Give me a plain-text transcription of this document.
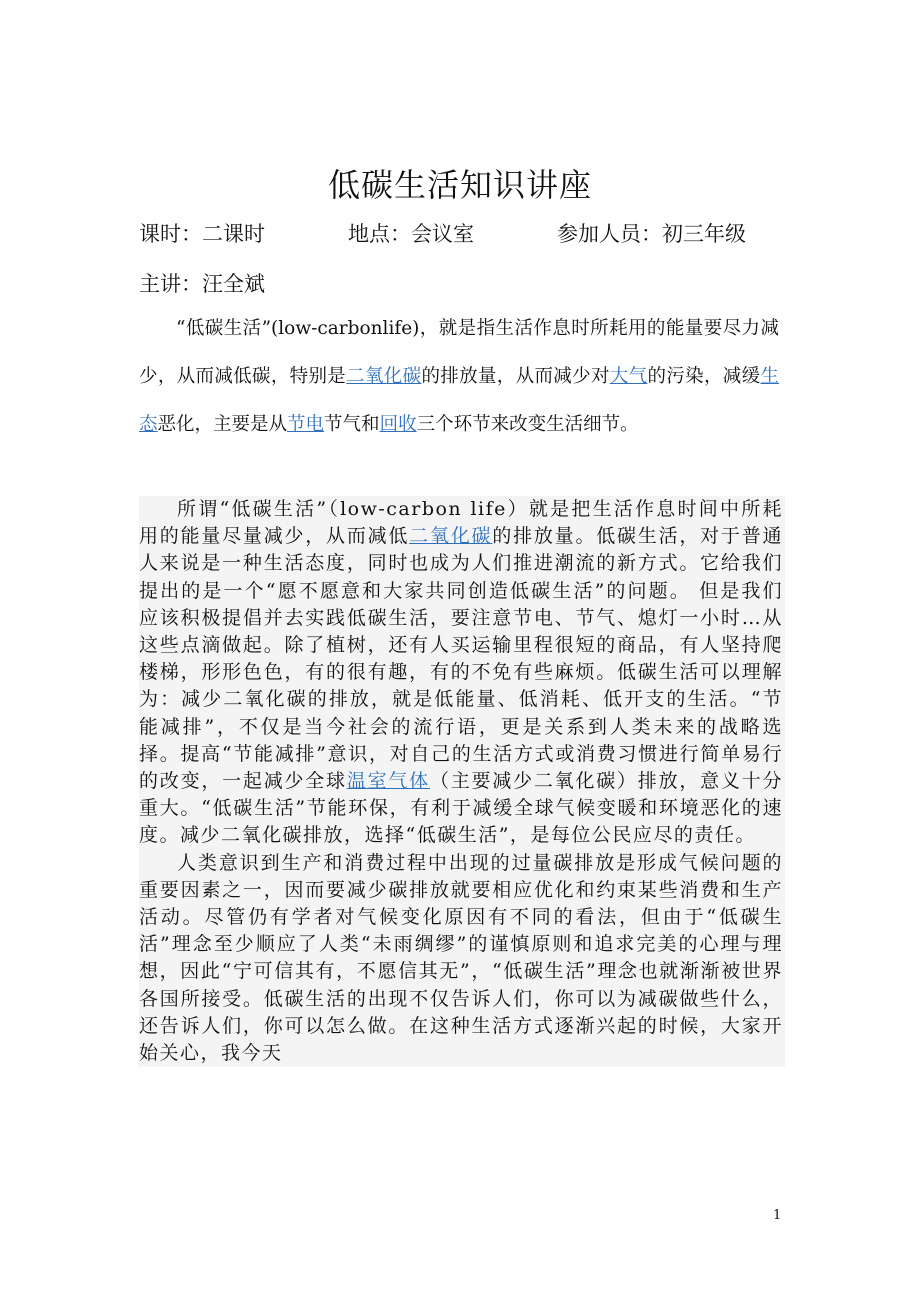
低碳生活知识讲座
课时：二课时	地点：会议室	参加人员：初三年级
主讲：汪全斌
“低碳生活”(low-carbonlife)，就是指生活作息时所耗用的能量要尽力减少，从而减低碳，特别是二氧化碳的排放量，从而减少对大气的污染，减缓生态恶化，主要是从节电节气和回收三个环节来改变生活细节。

所谓“低碳生活”（low-carbon life）就是把生活作息时间中所耗用的能量尽量减少，从而减低二氧化碳的排放量。低碳生活，对于普通人来说是一种生活态度，同时也成为人们推进潮流的新方式。它给我们提出的是一个“愿不愿意和大家共同创造低碳生活”的问题。 但是我们应该积极提倡并去实践低碳生活，要注意节电、节气、熄灯一小时…从这些点滴做起。除了植树，还有人买运输里程很短的商品，有人坚持爬楼梯，形形色色，有的很有趣，有的不免有些麻烦。低碳生活可以理解为：减少二氧化碳的排放，就是低能量、低消耗、低开支的生活。“节能减排”，不仅是当今社会的流行语，更是关系到人类未来的战略选择。提高“节能减排”意识，对自己的生活方式或消费习惯进行简单易行的改变，一起减少全球温室气体（主要减少二氧化碳）排放，意义十分重大。“低碳生活”节能环保，有利于减缓全球气候变暖和环境恶化的速度。减少二氧化碳排放，选择“低碳生活”，是每位公民应尽的责任。

人类意识到生产和消费过程中出现的过量碳排放是形成气候问题的重要因素之一，因而要减少碳排放就要相应优化和约束某些消费和生产活动。尽管仍有学者对气候变化原因有不同的看法，但由于“低碳生活”理念至少顺应了人类“未雨绸缪”的谨慎原则和追求完美的心理与理想，因此“宁可信其有，不愿信其无”，“低碳生活”理念也就渐渐被世界各国所接受。低碳生活的出现不仅告诉人们，你可以为减碳做些什么，还告诉人们，你可以怎么做。在这种生活方式逐渐兴起的时候，大家开始关心，我今天

1
